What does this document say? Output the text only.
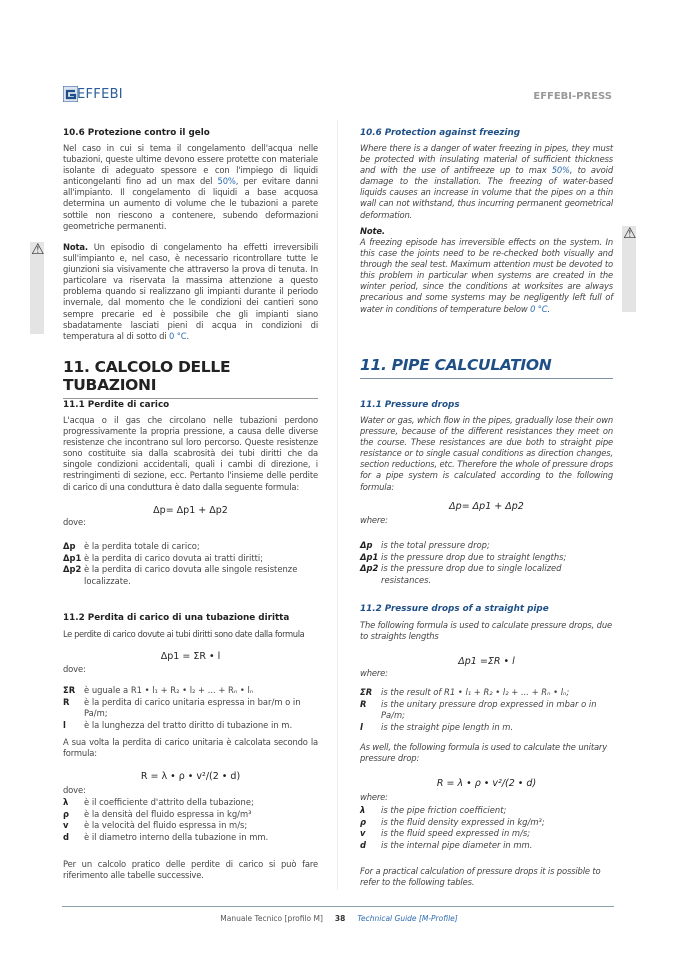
EFFEBI	EFFEBI-PRESS
10.6 Protezione contro il gelo
Nel caso in cui si tema il congelamento dell'acqua nelle tubazioni, queste ultime devono essere protette con materiale isolante di adeguato spessore e con l'impiego di liquidi anticongelanti fino ad un max del 50%, per evitare danni all'impianto. Il congelamento di liquidi a base acquosa determina un aumento di volume che le tubazioni a parete sottile non riescono a contenere, subendo deformazioni geometriche permanenti.
⚠ Nota. Un episodio di congelamento ha effetti irreversibili sull'impianto e, nel caso, è necessario ricontrollare tutte le giunzioni sia visivamente che attraverso la prova di tenuta. In particolare va riservata la massima attenzione a questo problema quando si realizzano gli impianti durante il periodo invernale, dal momento che le condizioni dei cantieri sono sempre precarie ed è possibile che gli impianti siano sbadatamente lasciati pieni di acqua in condizioni di temperatura al di sotto di 0 °C.
11. CALCOLO DELLE TUBAZIONI
11.1 Perdite di carico
L'acqua o il gas che circolano nelle tubazioni perdono progressivamente la propria pressione, a causa delle diverse resistenze che incontrano sul loro percorso. Queste resistenze sono costituite sia dalla scabrosità dei tubi diritti che da singole condizioni accidentali, quali i cambi di direzione, i restringimenti di sezione, ecc. Pertanto l'insieme delle perdite di carico di una conduttura è dato dalla seguente formula:
Δp= Δp1 + Δp2
dove:
Δp	è la perdita totale di carico;
Δp1 è la perdita di carico dovuta ai tratti diritti;
Δp2 è la perdita di carico dovuta alle singole resistenze localizzate.
11.2 Perdita di carico di una tubazione diritta
Le perdite di carico dovute ai tubi diritti sono date dalla formula
Δp1 = ΣR • l
dove:
ΣR	è uguale a R1 • l₁ + R₂ • l₂ + ... + Rₙ • lₙ
R	è la perdita di carico unitaria espressa in bar/m o in Pa/m;
l	è la lunghezza del tratto diritto di tubazione in m.
A sua volta la perdita di carico unitaria è calcolata secondo la formula:
R = λ • ρ • v²/(2 • d)
dove:
λ	è il coefficiente d'attrito della tubazione;
ρ	è la densità del fluido espressa in kg/m³
v	è la velocità del fluido espressa in m/s;
d	è il diametro interno della tubazione in mm.
Per un calcolo pratico delle perdite di carico si può fare riferimento alle tabelle successive.
10.6 Protection against freezing
Where there is a danger of water freezing in pipes, they must be protected with insulating material of sufficient thickness and with the use of antifreeze up to max 50%, to avoid damage to the installation. The freezing of water-based liquids causes an increase in volume that the pipes on a thin wall can not withstand, thus incurring permanent geometrical deformation.
Note.	⚠
A freezing episode has irreversible effects on the system. In this case the joints need to be re-checked both visually and through the seal test. Maximum attention must be devoted to this problem in particular when systems are created in the winter period, since the conditions at worksites are always precarious and some systems may be negligently left full of water in conditions of temperature below 0 °C.
11. PIPE CALCULATION
11.1 Pressure drops
Water or gas, which flow in the pipes, gradually lose their own pressure, because of the different resistances they meet on the course. These resistances are due both to straight pipe resistance or to single casual conditions as direction changes, section reductions, etc. Therefore the whole of pressure drops for a pipe system is calculated according to the following formula:
Δp= Δp1 + Δp2
where:
Δp	is the total pressure drop;
Δp1 is the pressure drop due to straight lengths;
Δp2 is the pressure drop due to single localized resistances.
11.2 Pressure drops of a straight pipe
The following formula is used to calculate pressure drops, due to straights lengths
Δp1 =ΣR • l
where:
ΣR	is the result of R1 • l₁ + R₂ • l₂ + ... + Rₙ • lₙ;
R	is the unitary pressure drop expressed in mbar o in Pa/m;
l	is the straight pipe length in m.
As well, the following formula is used to calculate the unitary pressure drop:
R = λ • ρ • v²/(2 • d)
where:
λ	is the pipe friction coefficient;
ρ	is the fluid density expressed in kg/m³;
v	is the fluid speed expressed in m/s;
d	is the internal pipe diameter in mm.
For a practical calculation of pressure drops it is possible to refer to the following tables.
Manuale Tecnico [profilo M] 38 Technical Guide [M-Profile]
